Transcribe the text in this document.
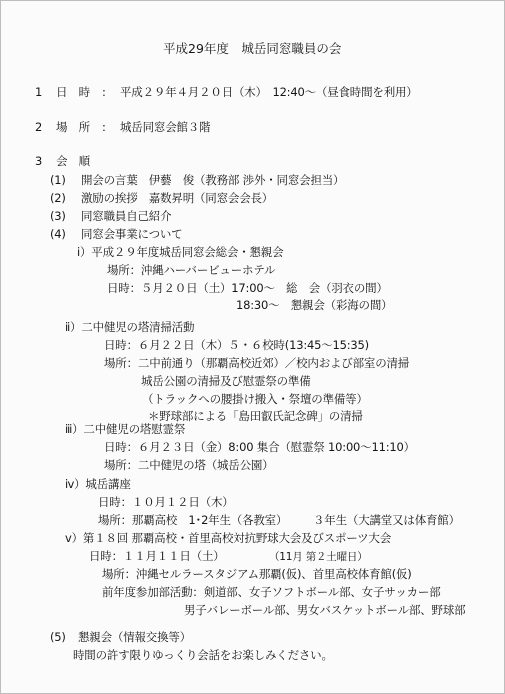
平成29年度　城岳同窓職員の会
1 日　時 : 平成２９年４月２０日（木）　12:40〜（昼食時間を利用）
2 場　所 : 城岳同窓会館３階
3 会　順
(1) 開会の言葉　伊藝　俊（教務部 渉外・同窓会担当）
(2) 激励の挨拶　嘉数昇明（同窓会会長）
(3) 同窓職員自己紹介
(4) 同窓会事業について
ⅰ）平成２９年度城岳同窓会総会・懇親会
場所：沖縄ハーバービューホテル
日時：５月２０日（土）17:00〜　総　会（羽衣の間）
18:30〜　懇親会（彩海の間）
ⅱ）二中健児の塔清掃活動
日時：６月２２日（木）５・６校時(13:45〜15:35)
場所：二中前通り（那覇高校近郊）／校内および部室の清掃
城岳公園の清掃及び慰霊祭の準備
（トラックへの腰掛け搬入・祭壇の準備等）
＊野球部による「島田叡氏記念碑」の清掃
ⅲ）二中健児の塔慰霊祭
日時：６月２３日（金）8:00 集合（慰霊祭 10:00〜11:10）
場所：二中健児の塔（城岳公園）
ⅳ）城岳講座
日時：１０月１２日（木）
場所：那覇高校　1･2年生（各教室） ３年生（大講堂又は体育館）
ⅴ）第１８回 那覇高校・首里高校対抗野球大会及びスポーツ大会
日時：１１月１１日（土）	（11月 第２土曜日）
場所：沖縄セルラースタジアム那覇(仮)、首里高校体育館(仮)
前年度参加部活動：剣道部、女子ソフトボール部、女子サッカー部
男子バレーボール部、男女バスケットボール部、野球部
(5) 懇親会（情報交換等）
時間の許す限りゆっくり会話をお楽しみください。
